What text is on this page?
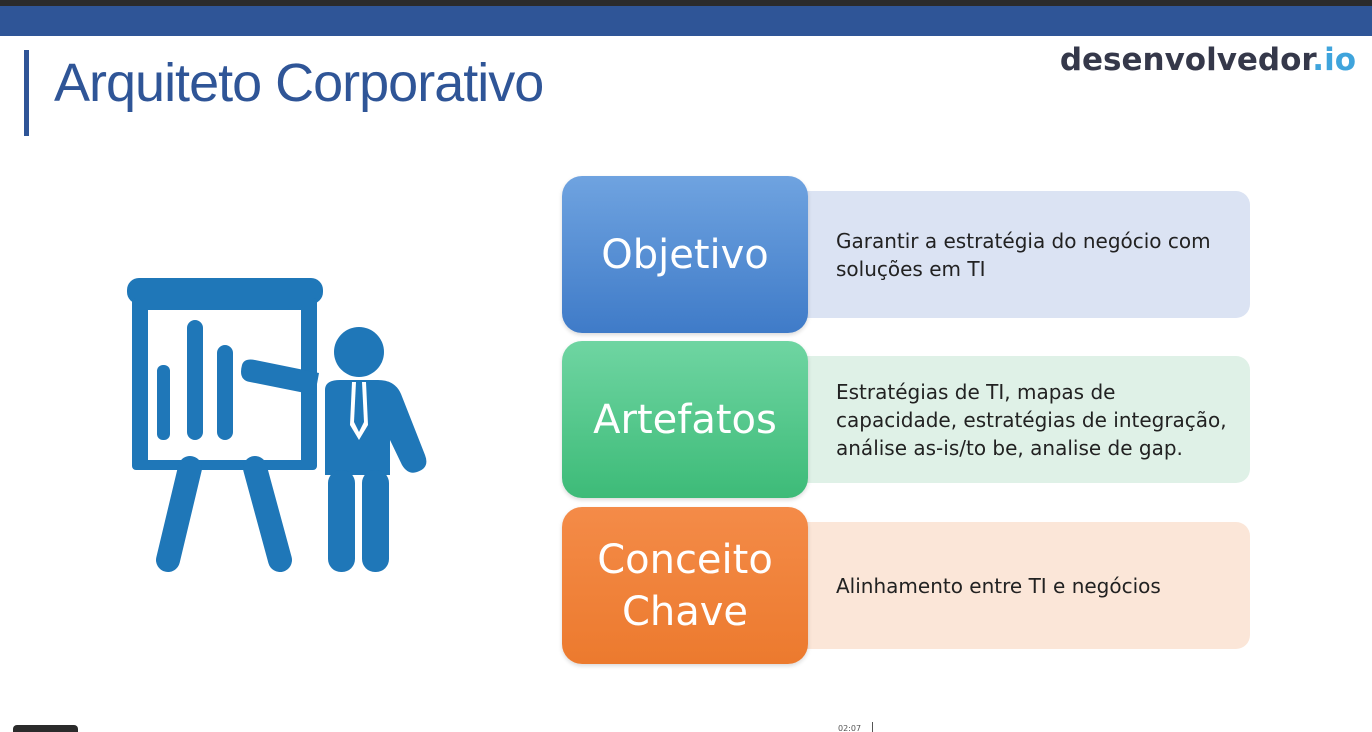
Arquiteto Corporativo	desenvolvedor.io
Garantir a estratégia do negócio com soluções em TI
Objetivo
Estratégias de TI, mapas de capacidade, estratégias de integração, análise as-is/to be, analise de gap.
Artefatos
Alinhamento entre TI e negócios
Conceito Chave
02:07
